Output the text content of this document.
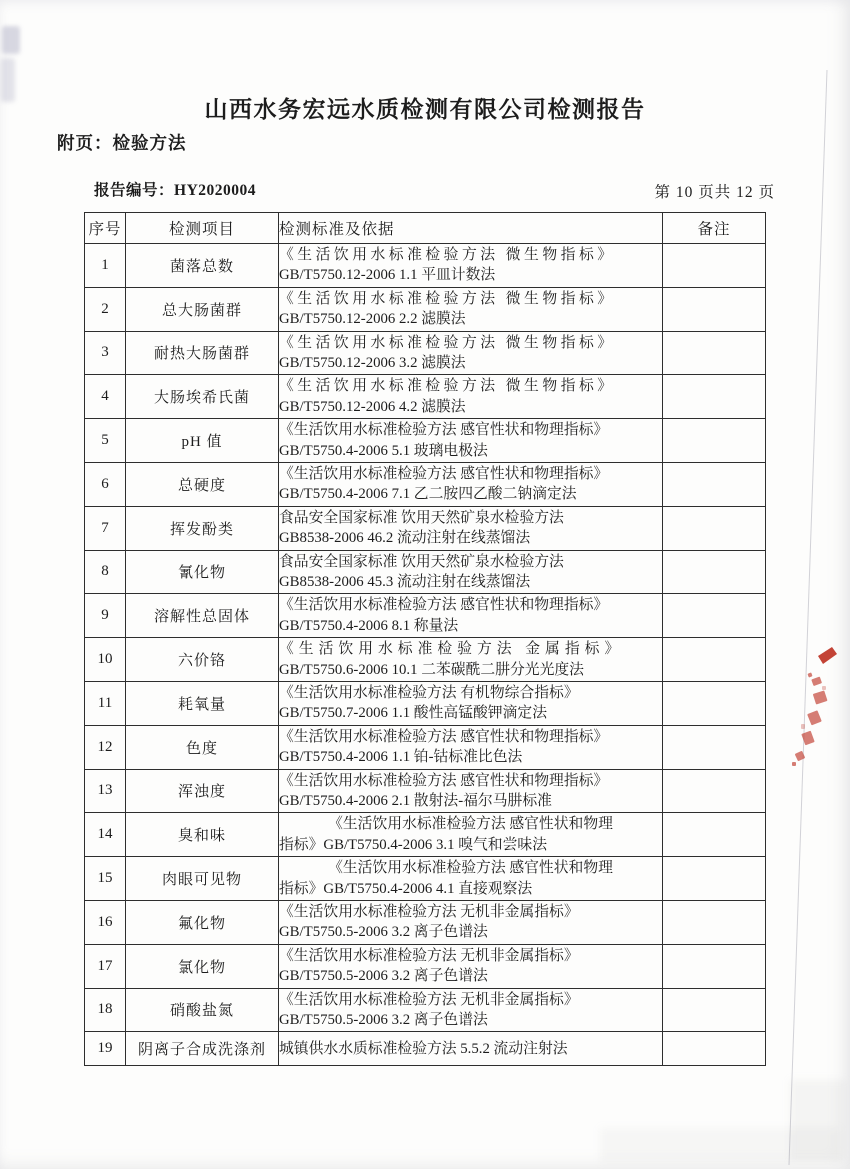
山西水务宏远水质检测有限公司检测报告
附页：检验方法
报告编号：HY2020004	第 10 页共 12 页
序号	检测项目	检测标准及依据	备注
1	菌落总数	《生活饮用水标准检验方法 微生物指标》
GB/T5750.12-2006 1.1 平皿计数法	

2	总大肠菌群	《生活饮用水标准检验方法 微生物指标》
GB/T5750.12-2006 2.2 滤膜法	

3	耐热大肠菌群	《生活饮用水标准检验方法 微生物指标》
GB/T5750.12-2006 3.2 滤膜法	

4	大肠埃希氏菌	《生活饮用水标准检验方法 微生物指标》
GB/T5750.12-2006 4.2 滤膜法	

5	pH 值	《生活饮用水标准检验方法 感官性状和物理指标》
GB/T5750.4-2006 5.1 玻璃电极法	

6	总硬度	《生活饮用水标准检验方法 感官性状和物理指标》
GB/T5750.4-2006 7.1 乙二胺四乙酸二钠滴定法	

7	挥发酚类	食品安全国家标准 饮用天然矿泉水检验方法
GB8538-2006 46.2 流动注射在线蒸馏法	

8	氰化物	食品安全国家标准 饮用天然矿泉水检验方法
GB8538-2006 45.3 流动注射在线蒸馏法	

9	溶解性总固体	《生活饮用水标准检验方法 感官性状和物理指标》
GB/T5750.4-2006 8.1 称量法	

10	六价铬	《生活饮用水标准检验方法 金属指标》
GB/T5750.6-2006 10.1 二苯碳酰二肼分光光度法	

11	耗氧量	《生活饮用水标准检验方法 有机物综合指标》
GB/T5750.7-2006 1.1 酸性高锰酸钾滴定法	

12	色度	《生活饮用水标准检验方法 感官性状和物理指标》
GB/T5750.4-2006 1.1 铂-钴标准比色法	

13	浑浊度	《生活饮用水标准检验方法 感官性状和物理指标》
GB/T5750.4-2006 2.1 散射法-福尔马肼标准	

14	臭和味	《生活饮用水标准检验方法 感官性状和物理
指标》GB/T5750.4-2006 3.1 嗅气和尝味法	

15	肉眼可见物	《生活饮用水标准检验方法 感官性状和物理
指标》GB/T5750.4-2006 4.1 直接观察法	

16	氟化物	《生活饮用水标准检验方法 无机非金属指标》
GB/T5750.5-2006 3.2 离子色谱法	

17	氯化物	《生活饮用水标准检验方法 无机非金属指标》
GB/T5750.5-2006 3.2 离子色谱法	

18	硝酸盐氮	《生活饮用水标准检验方法 无机非金属指标》
GB/T5750.5-2006 3.2 离子色谱法	

19	阴离子合成洗涤剂	城镇供水水质标准检验方法 5.5.2 流动注射法	
